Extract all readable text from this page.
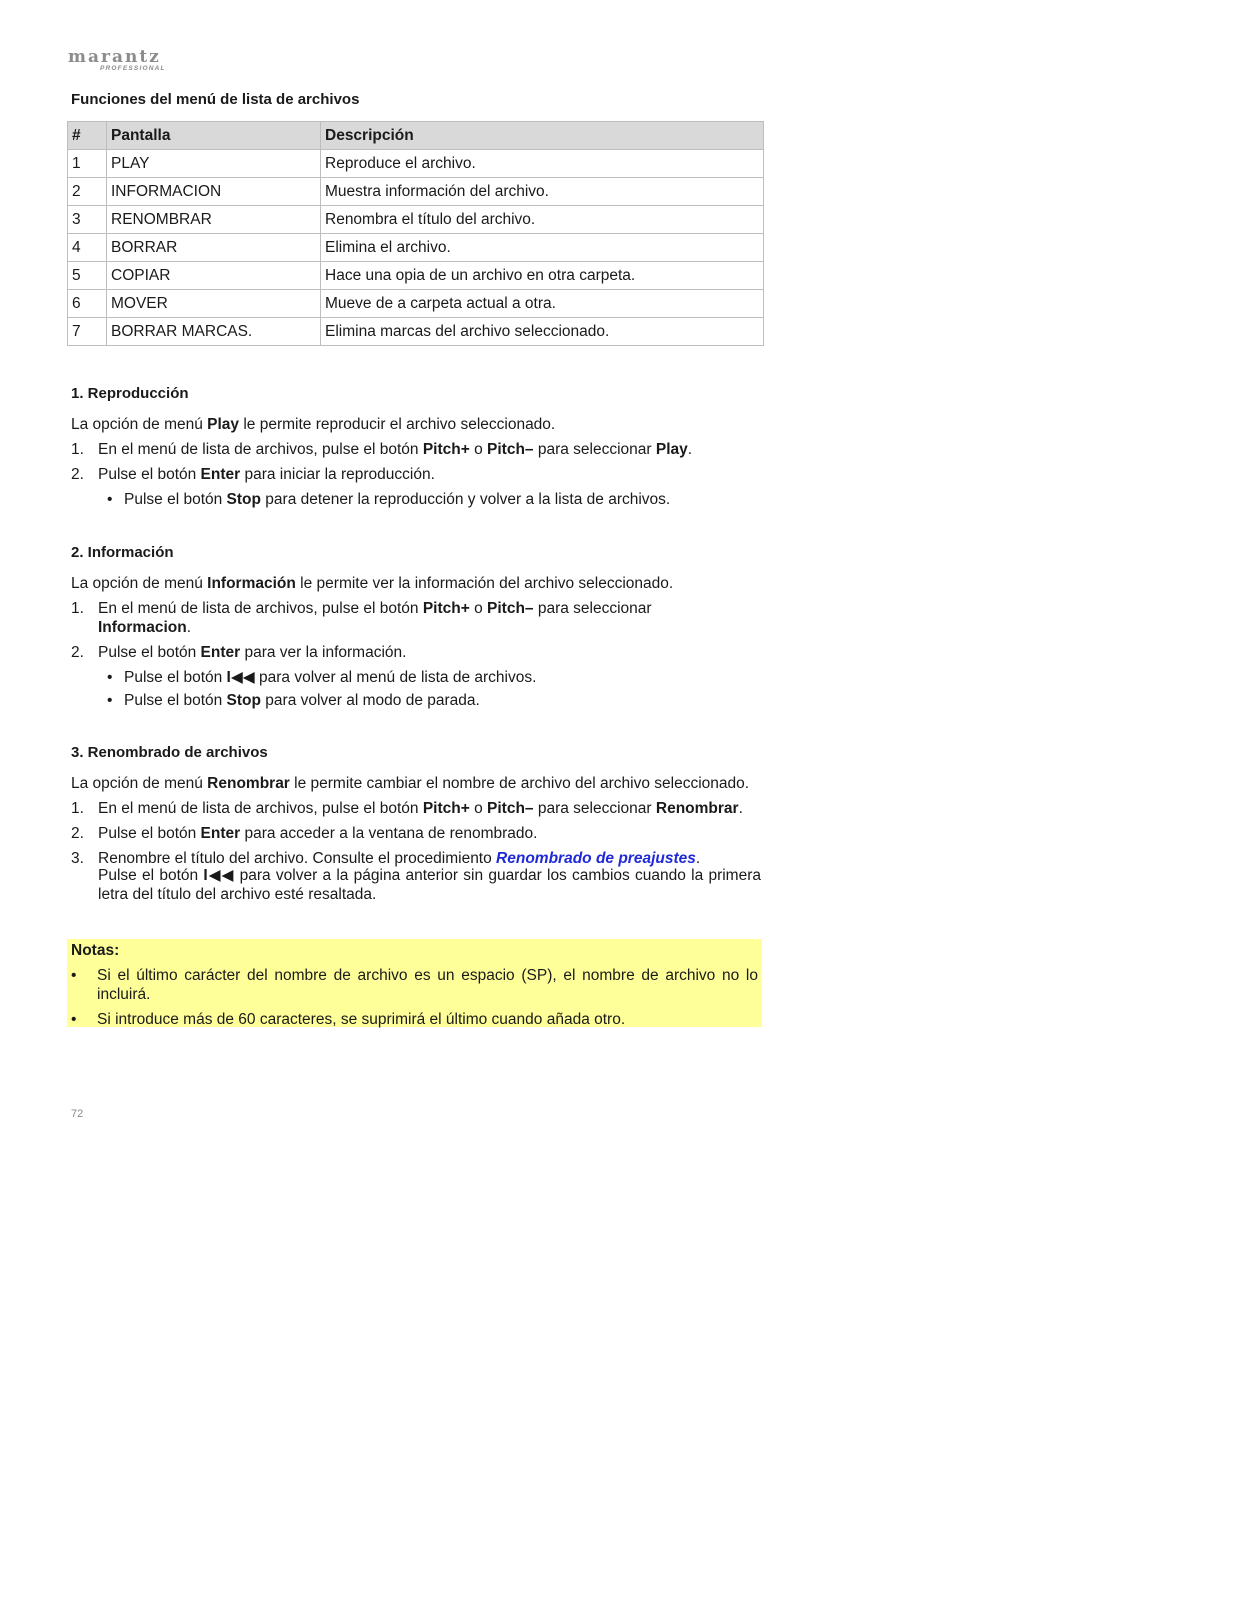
marantz
PROFESSIONAL
Funciones del menú de lista de archivos
#	Pantalla	Descripción
1	PLAY	Reproduce el archivo.
2	INFORMACION	Muestra información del archivo.
3	RENOMBRAR	Renombra el título del archivo.
4	BORRAR	Elimina el archivo.
5	COPIAR	Hace una opia de un archivo en otra carpeta.
6	MOVER	Mueve de a carpeta actual a otra.
7	BORRAR MARCAS.	Elimina marcas del archivo seleccionado.
1. Reproducción

La opción de menú Play le permite reproducir el archivo seleccionado.

1. En el menú de lista de archivos, pulse el botón Pitch+ o Pitch– para seleccionar Play.
2. Pulse el botón Enter para iniciar la reproducción.
• Pulse el botón Stop para detener la reproducción y volver a la lista de archivos.
2. Información

La opción de menú Información le permite ver la información del archivo seleccionado.

1. En el menú de lista de archivos, pulse el botón Pitch+ o Pitch– para seleccionar
Informacion.
2. Pulse el botón Enter para ver la información.
• Pulse el botón I◀◀ para volver al menú de lista de archivos.
• Pulse el botón Stop para volver al modo de parada.
3. Renombrado de archivos

La opción de menú Renombrar le permite cambiar el nombre de archivo del archivo seleccionado.

1. En el menú de lista de archivos, pulse el botón Pitch+ o Pitch– para seleccionar Renombrar.
2. Pulse el botón Enter para acceder a la ventana de renombrado.
3. Renombre el título del archivo. Consulte el procedimiento Renombrado de preajustes.
Pulse el botón I◀◀ para volver a la página anterior sin guardar los cambios cuando la primera letra del título del archivo esté resaltada.
Notas:
• Si el último carácter del nombre de archivo es un espacio (SP), el nombre de archivo no lo incluirá.
• Si introduce más de 60 caracteres, se suprimirá el último cuando añada otro.
72
